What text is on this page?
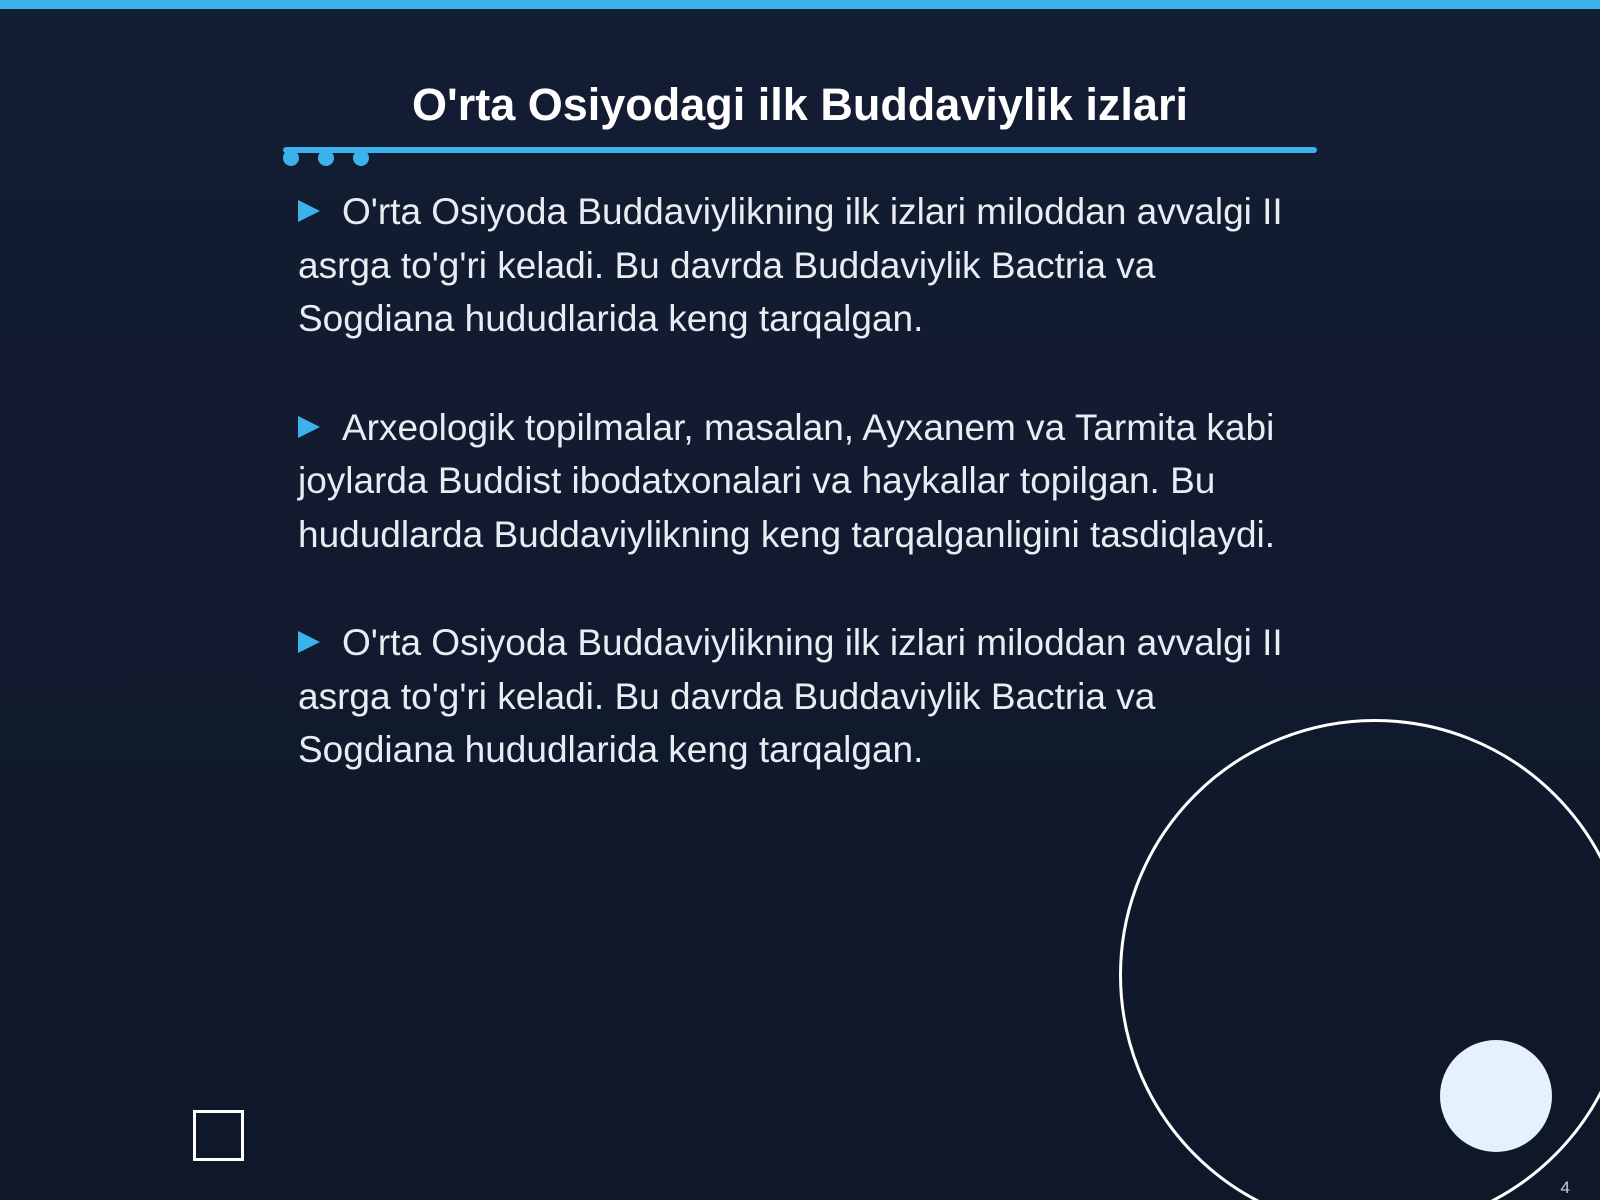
O'rta Osiyodagi ilk Buddaviylik izlari
O'rta Osiyoda Buddaviylikning ilk izlari miloddan avvalgi II asrga to'g'ri keladi. Bu davrda Buddaviylik Bactria va Sogdiana hududlarida keng tarqalgan.
Arxeologik topilmalar, masalan, Ayxanem va Tarmita kabi joylarda Buddist ibodatxonalari va haykallar topilgan. Bu hududlarda Buddaviylikning keng tarqalganligini tasdiqlaydi.
O'rta Osiyoda Buddaviylikning ilk izlari miloddan avvalgi II asrga to'g'ri keladi. Bu davrda Buddaviylik Bactria va Sogdiana hududlarida keng tarqalgan.
4
